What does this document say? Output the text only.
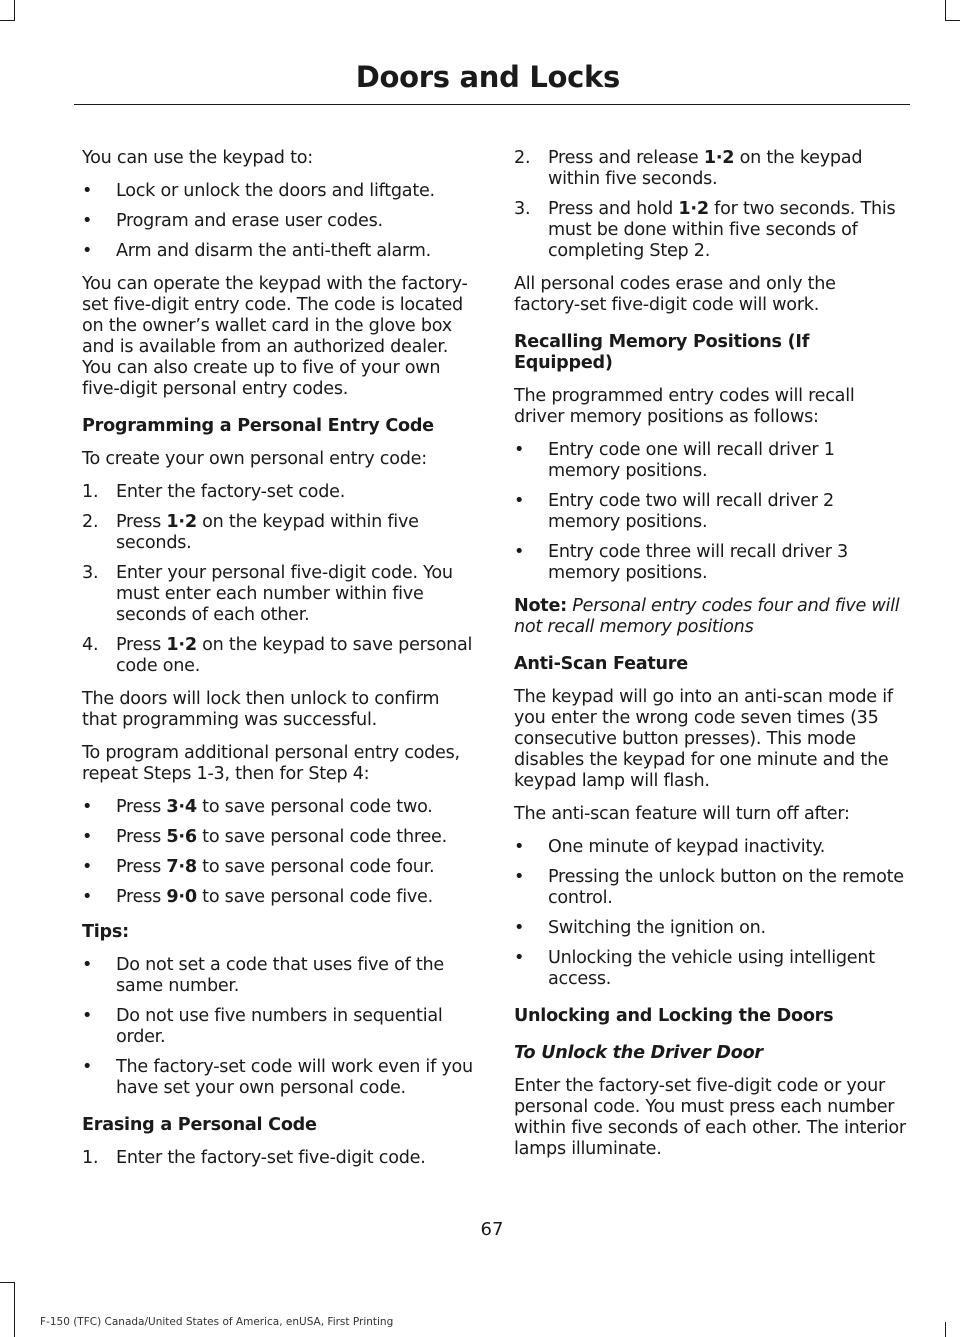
Doors and Locks

You can use the keypad to:

• Lock or unlock the doors and liftgate.
• Program and erase user codes.
• Arm and disarm the anti-theft alarm.

You can operate the keypad with the factory-set five-digit entry code. The code is located on the owner’s wallet card in the glove box and is available from an authorized dealer. You can also create up to five of your own five-digit personal entry codes.

Programming a Personal Entry Code

To create your own personal entry code:

1. Enter the factory-set code.
2. Press 1·2 on the keypad within five seconds.
3. Enter your personal five-digit code. You must enter each number within five seconds of each other.
4. Press 1·2 on the keypad to save personal code one.

The doors will lock then unlock to confirm that programming was successful.

To program additional personal entry codes, repeat Steps 1-3, then for Step 4:

• Press 3·4 to save personal code two.
• Press 5·6 to save personal code three.
• Press 7·8 to save personal code four.
• Press 9·0 to save personal code five.
Tips:
• Do not set a code that uses five of the same number.
• Do not use five numbers in sequential order.
• The factory-set code will work even if you have set your own personal code.
Erasing a Personal Code
1. Enter the factory-set five-digit code.
2. Press and release 1·2 on the keypad within five seconds.
3. Press and hold 1·2 for two seconds. This must be done within five seconds of completing Step 2.

All personal codes erase and only the factory-set five-digit code will work.

Recalling Memory Positions (If Equipped)

The programmed entry codes will recall driver memory positions as follows:

• Entry code one will recall driver 1 memory positions.
• Entry code two will recall driver 2 memory positions.
• Entry code three will recall driver 3 memory positions.

Note: Personal entry codes four and five will not recall memory positions

Anti-Scan Feature

The keypad will go into an anti-scan mode if you enter the wrong code seven times (35 consecutive button presses). This mode disables the keypad for one minute and the keypad lamp will flash.

The anti-scan feature will turn off after:

• One minute of keypad inactivity.
• Pressing the unlock button on the remote control.
• Switching the ignition on.
• Unlocking the vehicle using intelligent access.
Unlocking and Locking the Doors
To Unlock the Driver Door

Enter the factory-set five-digit code or your personal code. You must press each number within five seconds of each other. The interior lamps illuminate.

67
F-150 (TFC) Canada/United States of America, enUSA, First Printing
